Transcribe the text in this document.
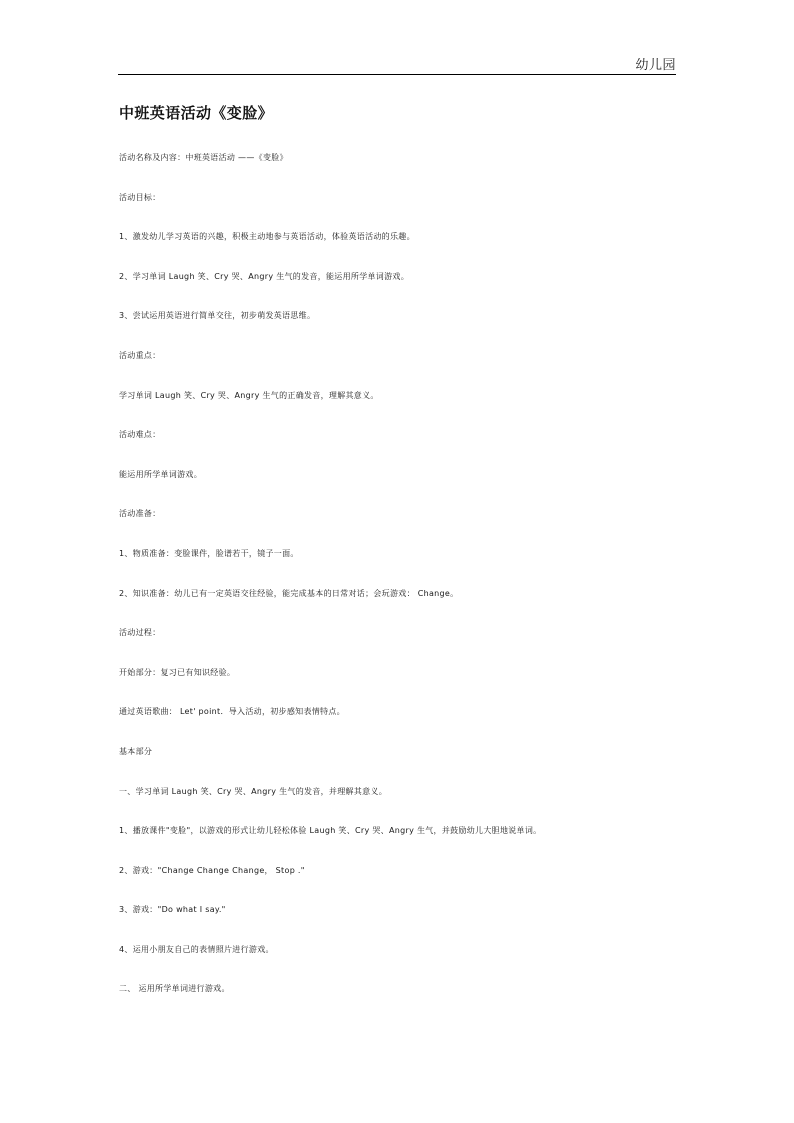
幼儿园
中班英语活动《变脸》
活动名称及内容：中班英语活动 ——《变脸》
活动目标：
1、激发幼儿学习英语的兴趣，积极主动地参与英语活动，体验英语活动的乐趣。
2、学习单词 Laugh 笑、Cry 哭、Angry 生气的发音，能运用所学单词游戏。
3、尝试运用英语进行简单交往，初步萌发英语思维。
活动重点：
学习单词 Laugh 笑、Cry 哭、Angry 生气的正确发音，理解其意义。
活动难点：
能运用所学单词游戏。
活动准备：
1、物质准备：变脸课件，脸谱若干，镜子一面。
2、知识准备：幼儿已有一定英语交往经验，能完成基本的日常对话；会玩游戏： Change。
活动过程：
开始部分：复习已有知识经验。
通过英语歌曲： Let' point．导入活动，初步感知表情特点。
基本部分
一、学习单词 Laugh 笑、Cry 哭、Angry 生气的发音，并理解其意义。
1、播放课件"变脸"，以游戏的形式让幼儿轻松体验 Laugh 笑、Cry 哭、Angry 生气，并鼓励幼儿大胆地说单词。
2、游戏："Change Change Change， Stop ."
3、游戏："Do what I say."
4、运用小朋友自己的表情照片进行游戏。
二、 运用所学单词进行游戏。
